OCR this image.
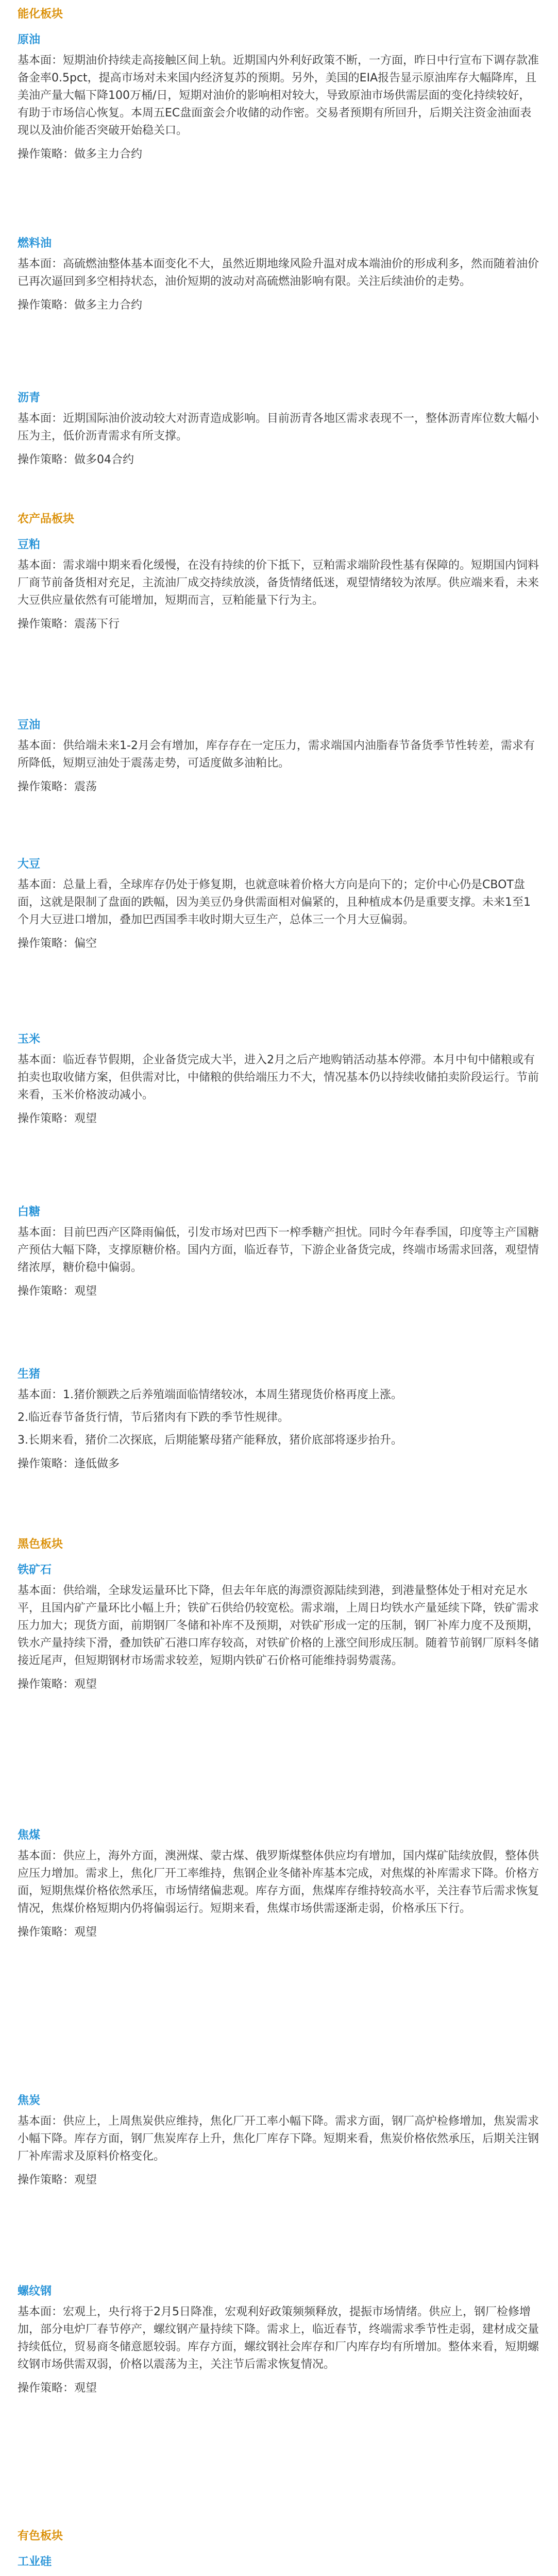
能化板块
原油
基本面：短期油价持续走高接触区间上轨。近期国内外利好政策不断，一方面，昨日中行宣布下调存款准备金率0.5pct，提高市场对未来国内经济复苏的预期。另外，美国的EIA报告显示原油库存大幅降库，且美油产量大幅下降100万桶/日，短期对油价的影响相对较大，导致原油市场供需层面的变化持续较好，有助于市场信心恢复。本周五EC盘面蛮会介收储的动作密。交易者预期有所回升，后期关注资金油面表现以及油价能否突破开始稳关口。
操作策略：做多主力合约
燃料油
基本面：高硫燃油整体基本面变化不大，虽然近期地缘风险升温对成本端油价的形成利多，然而随着油价已再次逼回到多空相持状态，油价短期的波动对高硫燃油影响有限。关注后续油价的走势。
操作策略：做多主力合约
沥青
基本面：近期国际油价波动较大对沥青造成影响。目前沥青各地区需求表现不一，整体沥青库位数大幅小压为主，低价沥青需求有所支撑。
操作策略：做多04合约
农产品板块
豆粕
基本面：需求端中期来看化缓慢，在没有持续的价下抵下，豆粕需求端阶段性基有保障的。短期国内饲料厂商节前备货相对充足，主流油厂成交持续放淡，备货情绪低迷，观望情绪较为浓厚。供应端来看，未来大豆供应量依然有可能增加，短期而言，豆粕能量下行为主。
操作策略：震荡下行
豆油
基本面：供给端未来1-2月会有增加，库存存在一定压力，需求端国内油脂春节备货季节性转差，需求有所降低，短期豆油处于震荡走势，可适度做多油粕比。
操作策略：震荡
大豆
基本面：总量上看，全球库存仍处于修复期，也就意味着价格大方向是向下的；定价中心仍是CBOT盘面，这就是限制了盘面的跌幅，因为美豆仍身供需面相对偏紧的，且种植成本仍是重要支撑。未来1至1个月大豆进口增加，叠加巴西国季丰收时期大豆生产，总体三一个月大豆偏弱。
操作策略：偏空
玉米
基本面：临近春节假期，企业备货完成大半，进入2月之后产地购销活动基本停滞。本月中旬中储粮或有拍卖也取收储方案，但供需对比，中储粮的供给端压力不大，情况基本仍以持续收储拍卖阶段运行。节前来看，玉米价格波动减小。
操作策略：观望
白糖
基本面：目前巴西产区降雨偏低，引发市场对巴西下一榨季糖产担忧。同时今年春季国，印度等主产国糖产预估大幅下降，支撑原糖价格。国内方面，临近春节，下游企业备货完成，终端市场需求回落，观望情绪浓厚，糖价稳中偏弱。
操作策略：观望
生猪
基本面：1.猪价额跌之后养殖端面临情绪较冰，本周生猪现货价格再度上涨。
2.临近春节备货行情，节后猪肉有下跌的季节性规律。
3.长期来看，猪价二次探底，后期能繁母猪产能释放，猪价底部将逐步抬升。
操作策略：逢低做多
黑色板块
铁矿石
基本面：供给端，全球发运量环比下降，但去年年底的海漂资源陆续到港，到港量整体处于相对充足水平，且国内矿产量环比小幅上升；铁矿石供给仍较宽松。需求端，上周日均铁水产量延续下降，铁矿需求压力加大；现货方面，前期钢厂冬储和补库不及预期，对铁矿形成一定的压制，钢厂补库力度不及预期，铁水产量持续下滑，叠加铁矿石港口库存较高，对铁矿价格的上涨空间形成压制。随着节前钢厂原料冬储接近尾声，但短期钢材市场需求较差，短期内铁矿石价格可能维持弱势震荡。
操作策略：观望
焦煤
基本面：供应上，海外方面，澳洲煤、蒙古煤、俄罗斯煤整体供应均有增加，国内煤矿陆续放假，整体供应压力增加。需求上，焦化厂开工率维持，焦钢企业冬储补库基本完成，对焦煤的补库需求下降。价格方面，短期焦煤价格依然承压，市场情绪偏悲观。库存方面，焦煤库存维持较高水平，关注春节后需求恢复情况，焦煤价格短期内仍将偏弱运行。短期来看，焦煤市场供需逐渐走弱，价格承压下行。
操作策略：观望
焦炭
基本面：供应上，上周焦炭供应维持，焦化厂开工率小幅下降。需求方面，钢厂高炉检修增加，焦炭需求小幅下降。库存方面，钢厂焦炭库存上升，焦化厂库存下降。短期来看，焦炭价格依然承压，后期关注钢厂补库需求及原料价格变化。
操作策略：观望
螺纹钢
基本面：宏观上，央行将于2月5日降准，宏观利好政策频频释放，提振市场情绪。供应上，钢厂检修增加，部分电炉厂春节停产，螺纹钢产量持续下降。需求上，临近春节，终端需求季节性走弱，建材成交量持续低位，贸易商冬储意愿较弱。库存方面，螺纹钢社会库存和厂内库存均有所增加。整体来看，短期螺纹钢市场供需双弱，价格以震荡为主，关注节后需求恢复情况。
操作策略：观望
有色板块
工业硅
